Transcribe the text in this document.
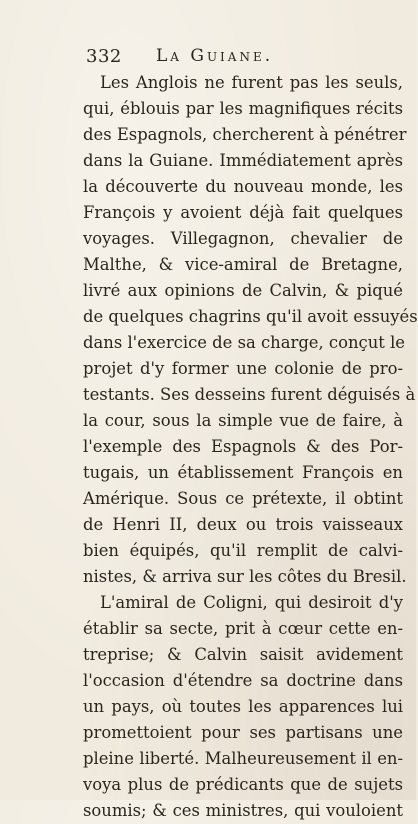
332 La Guiane.
Les Anglois ne furent pas les seuls,
qui, éblouis par les magnifiques récits
des Espagnols, chercherent à pénétrer
dans la Guiane. Immédiatement après
la découverte du nouveau monde, les
François y avoient déjà fait quelques
voyages. Villegagnon, chevalier de
Malthe, & vice-amiral de Bretagne,
livré aux opinions de Calvin, & piqué
de quelques chagrins qu'il avoit essuyés
dans l'exercice de sa charge, conçut le
projet d'y former une colonie de pro-
testants. Ses desseins furent déguisés à
la cour, sous la simple vue de faire, à
l'exemple des Espagnols & des Por-
tugais, un établissement François en
Amérique. Sous ce prétexte, il obtint
de Henri II, deux ou trois vaisseaux
bien équipés, qu'il remplit de calvi-
nistes, & arriva sur les côtes du Bresil.
L'amiral de Coligni, qui desiroit d'y
établir sa secte, prit à cœur cette en-
treprise; & Calvin saisit avidement
l'occasion d'étendre sa doctrine dans
un pays, où toutes les apparences lui
promettoient pour ses partisans une
pleine liberté. Malheureusement il en-
voya plus de prédicants que de sujets
soumis; & ces ministres, qui vouloient
